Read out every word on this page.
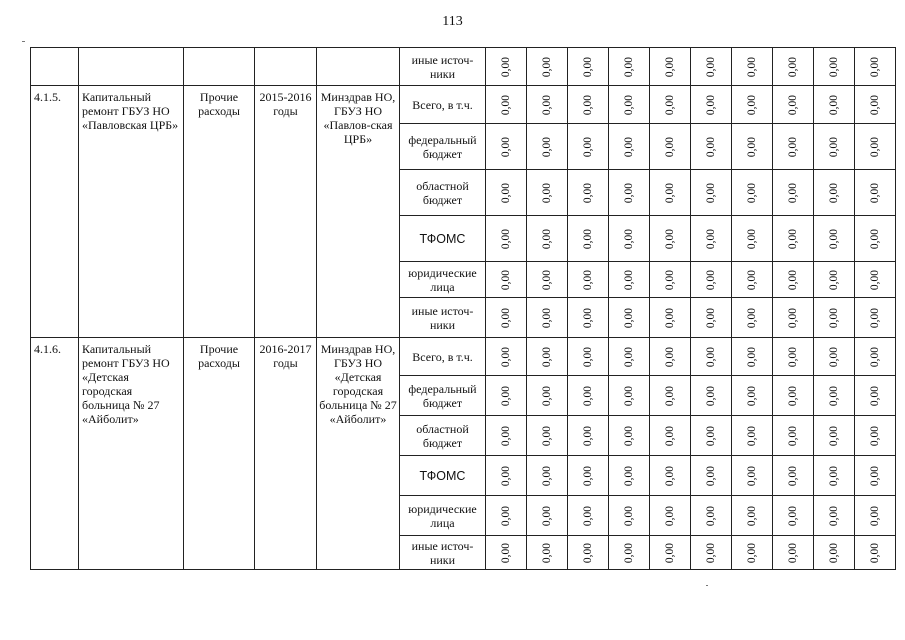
113
					иные источ-ники	0,00	0,00	0,00	0,00	0,00	0,00	0,00	0,00	0,00	0,00

4.1.5.	Капитальный ремонт ГБУЗ НО «Павловская ЦРБ»	Прочие расходы	2015-2016 годы	Минздрав НО, ГБУЗ НО «Павлов-ская ЦРБ»	Всего, в т.ч.	0,00	0,00	0,00	0,00	0,00	0,00	0,00	0,00	0,00	0,00

					федеральный бюджет	0,00	0,00	0,00	0,00	0,00	0,00	0,00	0,00	0,00	0,00

					областной бюджет	0,00	0,00	0,00	0,00	0,00	0,00	0,00	0,00	0,00	0,00

					ТФОМС	0,00	0,00	0,00	0,00	0,00	0,00	0,00	0,00	0,00	0,00

					юридические лица	0,00	0,00	0,00	0,00	0,00	0,00	0,00	0,00	0,00	0,00

					иные источ-ники	0,00	0,00	0,00	0,00	0,00	0,00	0,00	0,00	0,00	0,00

4.1.6.	Капитальный ремонт ГБУЗ НО «Детская городская больница № 27 «Айболит»	Прочие расходы	2016-2017 годы	Минздрав НО, ГБУЗ НО «Детская городская больница № 27 «Айболит»	Всего, в т.ч.	0,00	0,00	0,00	0,00	0,00	0,00	0,00	0,00	0,00	0,00

					федеральный бюджет	0,00	0,00	0,00	0,00	0,00	0,00	0,00	0,00	0,00	0,00

					областной бюджет	0,00	0,00	0,00	0,00	0,00	0,00	0,00	0,00	0,00	0,00

					ТФОМС	0,00	0,00	0,00	0,00	0,00	0,00	0,00	0,00	0,00	0,00

					юридические лица	0,00	0,00	0,00	0,00	0,00	0,00	0,00	0,00	0,00	0,00

					иные источ-ники	0,00	0,00	0,00	0,00	0,00	0,00	0,00	0,00	0,00	0,00
